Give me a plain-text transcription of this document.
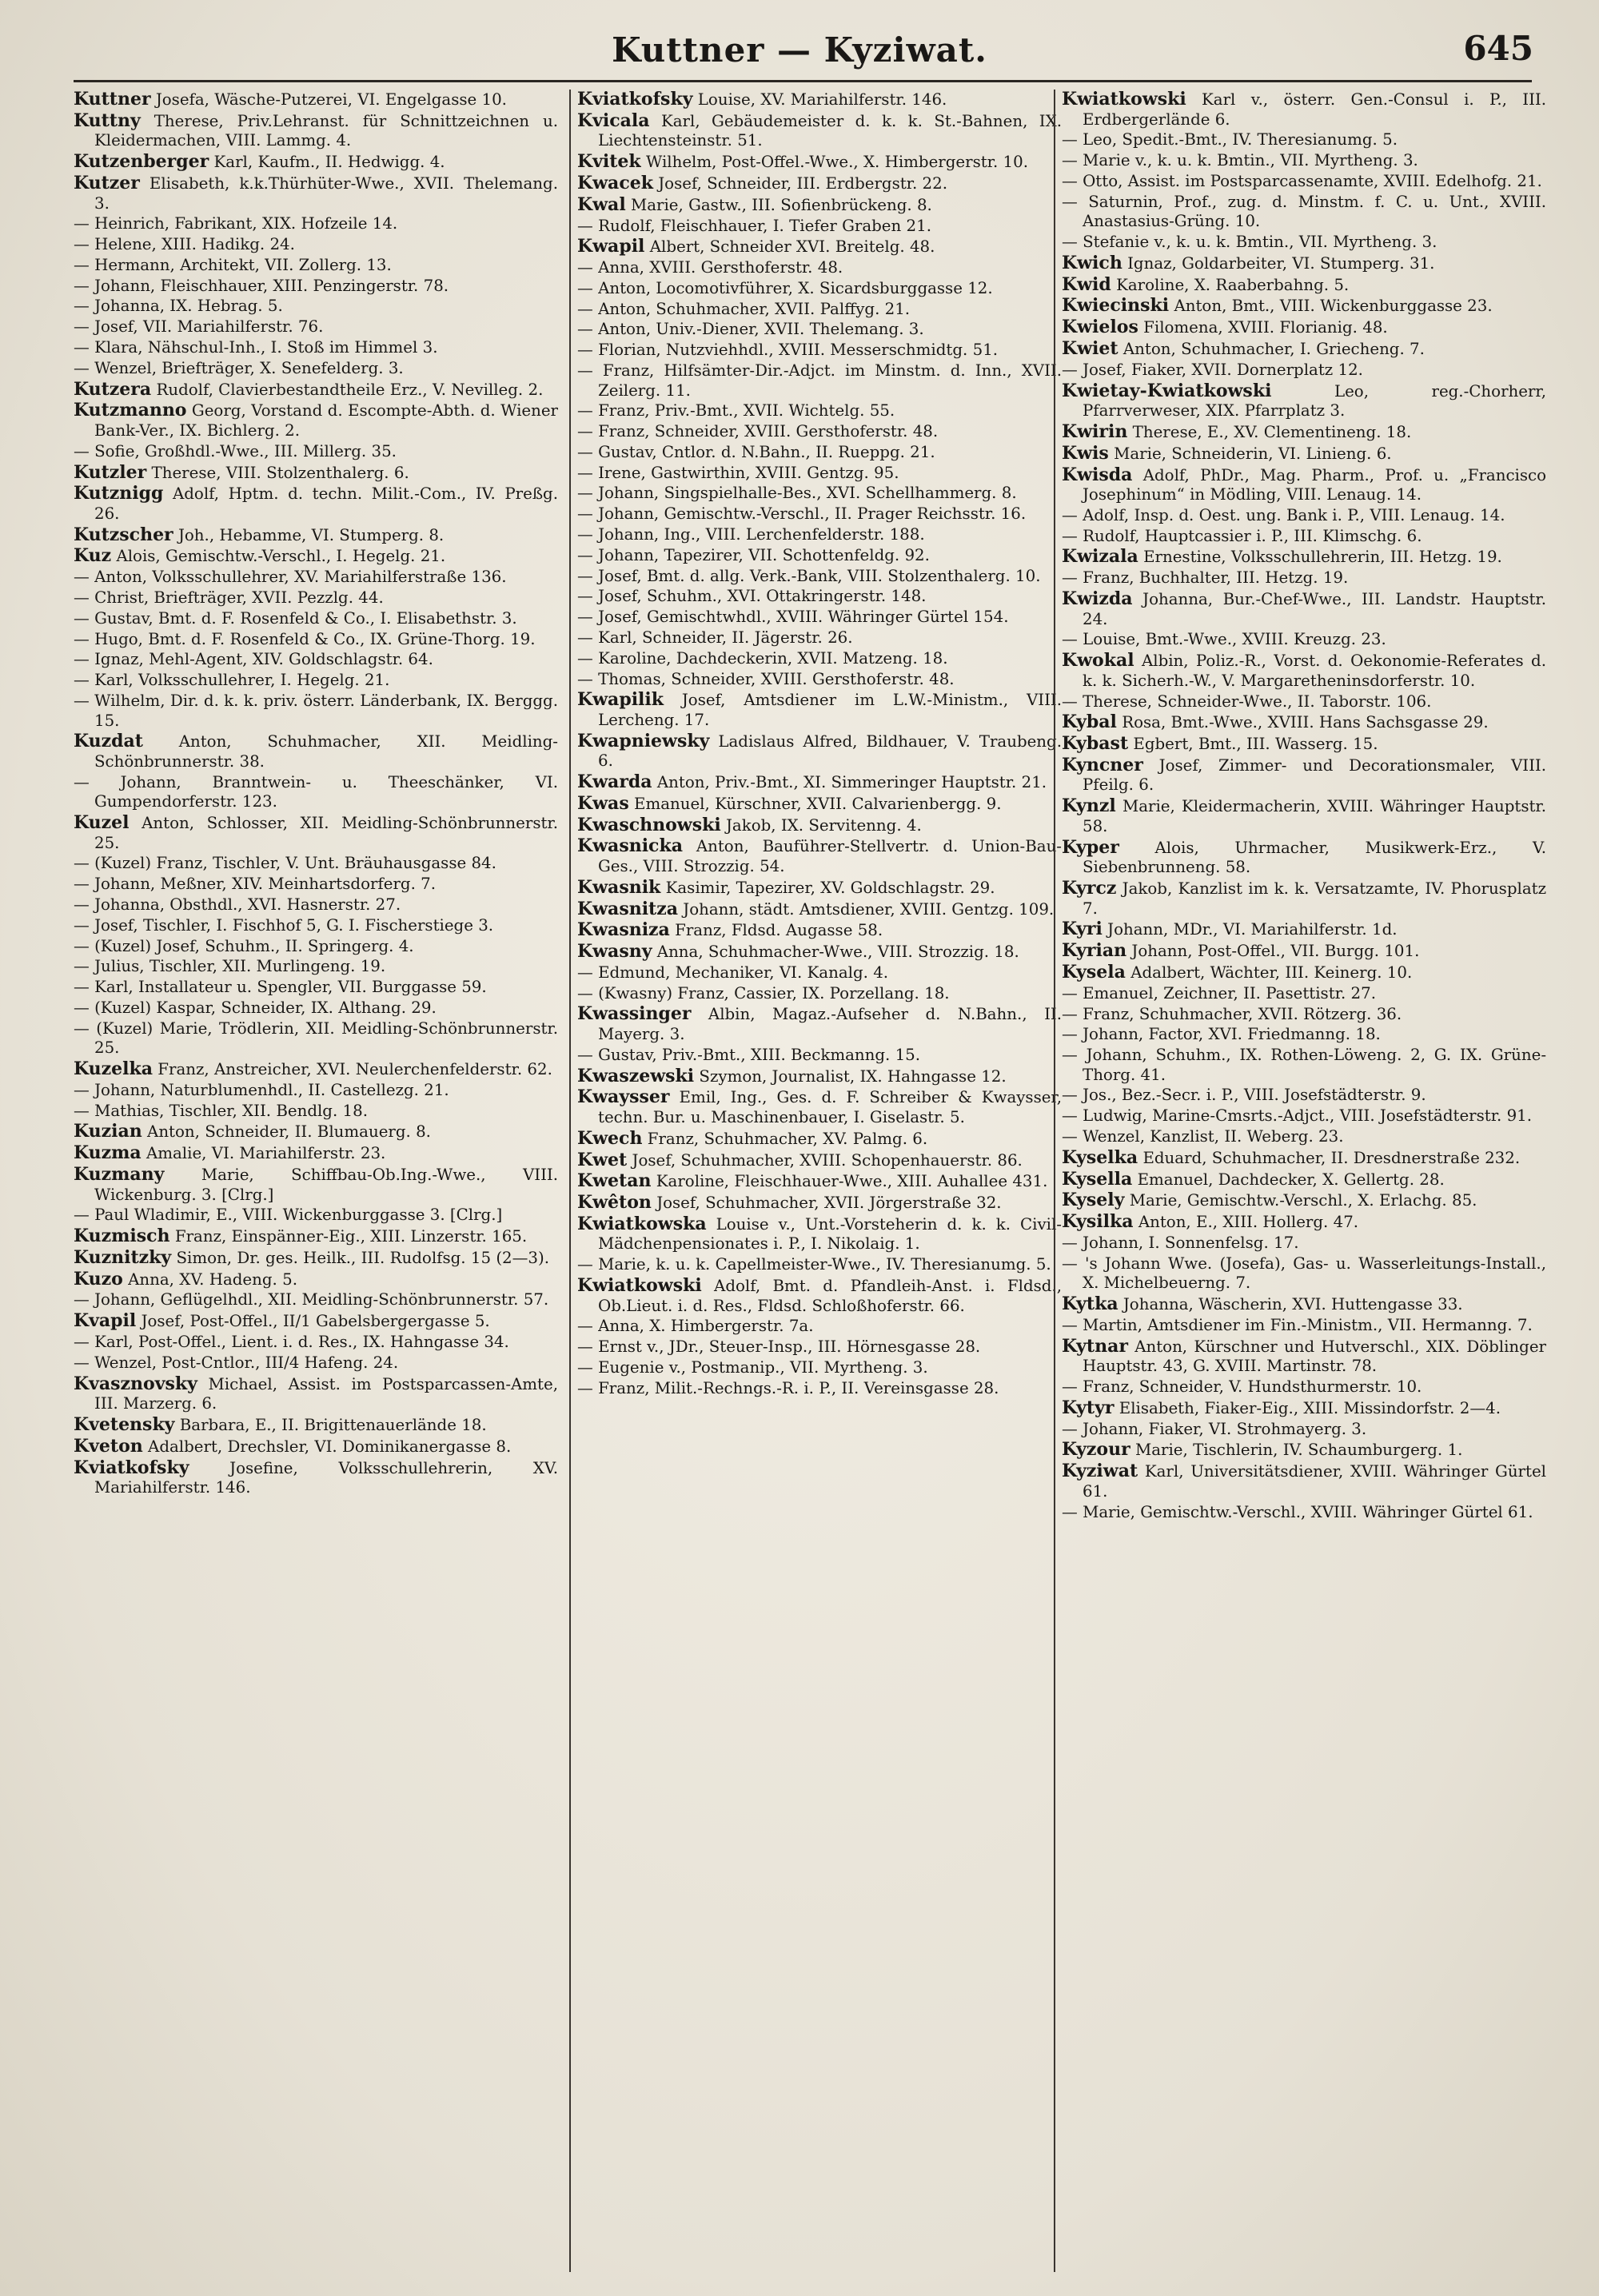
Kuttner — Kyziwat.	645

Kuttner Josefa, Wäsche-Putzerei, VI. Engelgasse 10.

Kuttny Therese, Priv.Lehranst. für Schnittzeichnen u. Kleidermachen, VIII. Lammg. 4.

Kutzenberger Karl, Kaufm., II. Hedwigg. 4.

Kutzer Elisabeth, k.k.Thürhüter-Wwe., XVII. Thelemang. 3.

— Heinrich, Fabrikant, XIX. Hofzeile 14.

— Helene, XIII. Hadikg. 24.

— Hermann, Architekt, VII. Zollerg. 13.

— Johann, Fleischhauer, XIII. Penzingerstr. 78.

— Johanna, IX. Hebrag. 5.

— Josef, VII. Mariahilferstr. 76.

— Klara, Nähschul-Inh., I. Stoß im Himmel 3.

— Wenzel, Briefträger, X. Senefelderg. 3.

Kutzera Rudolf, Clavierbestandtheile Erz., V. Nevilleg. 2.

Kutzmanno Georg, Vorstand d. Escompte-Abth. d. Wiener Bank-Ver., IX. Bichlerg. 2.

— Sofie, Großhdl.-Wwe., III. Millerg. 35.

Kutzler Therese, VIII. Stolzenthalerg. 6.

Kutznigg Adolf, Hptm. d. techn. Milit.-Com., IV. Preßg. 26.

Kutzscher Joh., Hebamme, VI. Stumperg. 8.

Kuz Alois, Gemischtw.-Verschl., I. Hegelg. 21.

— Anton, Volksschullehrer, XV. Mariahilferstraße 136.

— Christ, Briefträger, XVII. Pezzlg. 44.

— Gustav, Bmt. d. F. Rosenfeld & Co., I. Elisabethstr. 3.

— Hugo, Bmt. d. F. Rosenfeld & Co., IX. Grüne-Thorg. 19.

— Ignaz, Mehl-Agent, XIV. Goldschlagstr. 64.

— Karl, Volksschullehrer, I. Hegelg. 21.

— Wilhelm, Dir. d. k. k. priv. österr. Länderbank, IX. Berggg. 15.

Kuzdat Anton, Schuhmacher, XII. Meidling-Schönbrunnerstr. 38.

— Johann, Branntwein- u. Theeschänker, VI. Gumpendorferstr. 123.

Kuzel Anton, Schlosser, XII. Meidling-Schönbrunnerstr. 25.

— (Kuzel) Franz, Tischler, V. Unt. Bräuhausgasse 84.

— Johann, Meßner, XIV. Meinhartsdorferg. 7.

— Johanna, Obsthdl., XVI. Hasnerstr. 27.

— Josef, Tischler, I. Fischhof 5, G. I. Fischerstiege 3.

— (Kuzel) Josef, Schuhm., II. Springerg. 4.

— Julius, Tischler, XII. Murlingeng. 19.

— Karl, Installateur u. Spengler, VII. Burggasse 59.

— (Kuzel) Kaspar, Schneider, IX. Althang. 29.

— (Kuzel) Marie, Trödlerin, XII. Meidling-Schönbrunnerstr. 25.

Kuzelka Franz, Anstreicher, XVI. Neulerchenfelderstr. 62.

— Johann, Naturblumenhdl., II. Castellezg. 21.

— Mathias, Tischler, XII. Bendlg. 18.

Kuzian Anton, Schneider, II. Blumauerg. 8.

Kuzma Amalie, VI. Mariahilferstr. 23.

Kuzmany Marie, Schiffbau-Ob.Ing.-Wwe., VIII. Wickenburg. 3. [Clrg.]

— Paul Wladimir, E., VIII. Wickenburggasse 3. [Clrg.]

Kuzmisch Franz, Einspänner-Eig., XIII. Linzerstr. 165.

Kuznitzky Simon, Dr. ges. Heilk., III. Rudolfsg. 15 (2—3).

Kuzo Anna, XV. Hadeng. 5.

— Johann, Geflügelhdl., XII. Meidling-Schönbrunnerstr. 57.

Kvapil Josef, Post-Offel., II/1 Gabelsbergergasse 5.

— Karl, Post-Offel., Lient. i. d. Res., IX. Hahngasse 34.

— Wenzel, Post-Cntlor., III/4 Hafeng. 24.

Kvasznovsky Michael, Assist. im Postsparcassen-Amte, III. Marzerg. 6.

Kvetensky Barbara, E., II. Brigittenauerlände 18.

Kveton Adalbert, Drechsler, VI. Dominikanergasse 8.

Kviatkofsky	Josefine, Volksschullehrerin, XV. Mariahilferstr. 146.

Kviatkofsky Louise, XV. Mariahilferstr. 146.

Kvicala Karl, Gebäudemeister d. k. k. St.-Bahnen, IX. Liechtensteinstr. 51.

Kvitek Wilhelm, Post-Offel.-Wwe., X. Himbergerstr. 10.

Kwacek Josef, Schneider, III. Erdbergstr. 22.

Kwal Marie, Gastw., III. Sofienbrückeng. 8.

— Rudolf, Fleischhauer, I. Tiefer Graben 21.

Kwapil Albert, Schneider XVI. Breitelg. 48.

— Anna, XVIII. Gersthoferstr. 48.

— Anton, Locomotivführer, X. Sicardsburggasse 12.

— Anton, Schuhmacher, XVII. Palffyg. 21.

— Anton, Univ.-Diener, XVII. Thelemang. 3.

— Florian, Nutzviehhdl., XVIII. Messerschmidtg. 51.

— Franz, Hilfsämter-Dir.-Adjct. im Minstm. d. Inn., XVII. Zeilerg. 11.

— Franz, Priv.-Bmt., XVII. Wichtelg. 55.

— Franz, Schneider, XVIII. Gersthoferstr. 48.

— Gustav, Cntlor. d. N.Bahn., II. Rueppg. 21.

— Irene, Gastwirthin, XVIII. Gentzg. 95.

— Johann, Singspielhalle-Bes., XVI. Schellhammerg. 8.

— Johann, Gemischtw.-Verschl., II. Prager Reichsstr. 16.

— Johann, Ing., VIII. Lerchenfelderstr. 188.

— Johann, Tapezirer, VII. Schottenfeldg. 92.

— Josef, Bmt. d. allg. Verk.-Bank, VIII. Stolzenthalerg. 10.

— Josef, Schuhm., XVI. Ottakringerstr. 148.

— Josef, Gemischtwhdl., XVIII. Währinger Gürtel 154.

— Karl, Schneider, II. Jägerstr. 26.

— Karoline, Dachdeckerin, XVII. Matzeng. 18.

— Thomas, Schneider, XVIII. Gersthoferstr. 48.

Kwapilik Josef, Amtsdiener im L.W.-Ministm., VIII. Lercheng. 17.

Kwapniewsky Ladislaus Alfred, Bildhauer, V. Traubeng. 6.

Kwarda Anton, Priv.-Bmt., XI. Simmeringer Hauptstr. 21.

Kwas Emanuel, Kürschner, XVII. Calvarienbergg. 9.

Kwaschnowski Jakob, IX. Servitenng. 4.

Kwasnicka Anton, Bauführer-Stellvertr. d. Union-Bau-Ges., VIII. Strozzig. 54.

Kwasnik Kasimir, Tapezirer, XV. Goldschlagstr. 29.

Kwasnitza Johann, städt. Amtsdiener, XVIII. Gentzg. 109.

Kwasniza Franz, Fldsd. Augasse 58.

Kwasny Anna, Schuhmacher-Wwe., VIII. Strozzig. 18.

— Edmund, Mechaniker, VI. Kanalg. 4.

— (Kwasny) Franz, Cassier, IX. Porzellang. 18.

Kwassinger Albin, Magaz.-Aufseher d. N.Bahn., II. Mayerg. 3.

— Gustav, Priv.-Bmt., XIII. Beckmanng. 15.

Kwaszewski Szymon, Journalist, IX. Hahngasse 12.

Kwaysser Emil, Ing., Ges. d. F. Schreiber & Kwaysser, techn. Bur. u. Maschinenbauer, I. Giselastr. 5.

Kwech Franz, Schuhmacher, XV. Palmg. 6.

Kwet Josef, Schuhmacher, XVIII. Schopenhauerstr. 86.

Kwetan Karoline, Fleischhauer-Wwe., XIII. Auhallee 431.

Kwêton Josef, Schuhmacher, XVII. Jörgerstraße 32.

Kwiatkowska Louise v., Unt.-Vorsteherin d. k. k. Civil-Mädchenpensionates i. P., I. Nikolaig. 1.

— Marie, k. u. k. Capellmeister-Wwe., IV. Theresianumg. 5.

Kwiatkowski Adolf, Bmt. d. Pfandleih-Anst. i. Fldsd., Ob.Lieut. i. d. Res., Fldsd. Schloßhoferstr. 66.

— Anna, X. Himbergerstr. 7a.

— Ernst v., JDr., Steuer-Insp., III. Hörnesgasse 28.

— Eugenie v., Postmanip., VII. Myrtheng. 3.

— Franz, Milit.-Rechngs.-R. i. P., II. Vereinsgasse 28.

Kwiatkowski Karl v., österr. Gen.-Consul i. P., III. Erdbergerlände 6.

— Leo, Spedit.-Bmt., IV. Theresianumg. 5.

— Marie v., k. u. k. Bmtin., VII. Myrtheng. 3.

— Otto, Assist. im Postsparcassenamte, XVIII. Edelhofg. 21.

— Saturnin, Prof., zug. d. Minstm. f. C. u. Unt., XVIII. Anastasius-Grüng. 10.

— Stefanie v., k. u. k. Bmtin., VII. Myrtheng. 3.

Kwich Ignaz, Goldarbeiter, VI. Stumperg. 31.

Kwid Karoline, X. Raaberbahng. 5.

Kwiecinski Anton, Bmt., VIII. Wickenburggasse 23.

Kwielos Filomena, XVIII. Florianig. 48.

Kwiet Anton, Schuhmacher, I. Griecheng. 7.

— Josef, Fiaker, XVII. Dornerplatz 12.

Kwietay-Kwiatkowski	Leo, reg.-Chorherr, Pfarrverweser, XIX. Pfarrplatz 3.

Kwirin Therese, E., XV. Clementineng. 18.

Kwis Marie, Schneiderin, VI. Linieng. 6.

Kwisda Adolf, PhDr., Mag. Pharm., Prof. u. „Francisco Josephinum“ in Mödling, VIII. Lenaug. 14.

— Adolf, Insp. d. Oest. ung. Bank i. P., VIII. Lenaug. 14.

— Rudolf, Hauptcassier i. P., III. Klimschg. 6.

Kwizala Ernestine, Volksschullehrerin, III. Hetzg. 19.

— Franz, Buchhalter, III. Hetzg. 19.

Kwizda Johanna, Bur.-Chef-Wwe., III. Landstr. Hauptstr. 24.

— Louise, Bmt.-Wwe., XVIII. Kreuzg. 23.

Kwokal Albin, Poliz.-R., Vorst. d. Oekonomie-Referates d. k. k. Sicherh.-W., V. Margaretheninsdorferstr. 10.

— Therese, Schneider-Wwe., II. Taborstr. 106.

Kybal Rosa, Bmt.-Wwe., XVIII. Hans Sachsgasse 29.

Kybast Egbert, Bmt., III. Wasserg. 15.

Kyncner Josef, Zimmer- und Decorationsmaler, VIII. Pfeilg. 6.

Kynzl Marie, Kleidermacherin, XVIII. Währinger Hauptstr. 58.

Kyper Alois, Uhrmacher, Musikwerk-Erz., V. Siebenbrunneng. 58.

Kyrcz Jakob, Kanzlist im k. k. Versatzamte, IV. Phorusplatz 7.

Kyri Johann, MDr., VI. Mariahilferstr. 1d.

Kyrian Johann, Post-Offel., VII. Burgg. 101.

Kysela Adalbert, Wächter, III. Keinerg. 10.

— Emanuel, Zeichner, II. Pasettistr. 27.

— Franz, Schuhmacher, XVII. Rötzerg. 36.

— Johann, Factor, XVI. Friedmanng. 18.

— Johann, Schuhm., IX. Rothen-Löweng. 2, G. IX. Grüne-Thorg. 41.

— Jos., Bez.-Secr. i. P., VIII. Josefstädterstr. 9.

— Ludwig, Marine-Cmsrts.-Adjct., VIII. Josefstädterstr. 91.

— Wenzel, Kanzlist, II. Weberg. 23.

Kyselka Eduard, Schuhmacher, II. Dresdnerstraße 232.

Kysella Emanuel, Dachdecker, X. Gellertg. 28.

Kysely Marie, Gemischtw.-Verschl., X. Erlachg. 85.

Kysilka Anton, E., XIII. Hollerg. 47.

— Johann, I. Sonnenfelsg. 17.

— 's Johann Wwe. (Josefa), Gas- u. Wasserleitungs-Install., X. Michelbeuerng. 7.

Kytka Johanna, Wäscherin, XVI. Huttengasse 33.

— Martin, Amtsdiener im Fin.-Ministm., VII. Hermanng. 7.

Kytnar Anton, Kürschner und Hutverschl., XIX. Döblinger Hauptstr. 43, G. XVIII. Martinstr. 78.

— Franz, Schneider, V. Hundsthurmerstr. 10.

Kytyr Elisabeth, Fiaker-Eig., XIII. Missindorfstr. 2—4.

— Johann, Fiaker, VI. Strohmayerg. 3.

Kyzour Marie, Tischlerin, IV. Schaumburgerg. 1.

Kyziwat Karl, Universitätsdiener, XVIII. Währinger Gürtel 61.

— Marie, Gemischtw.-Verschl., XVIII. Währinger Gürtel 61.
